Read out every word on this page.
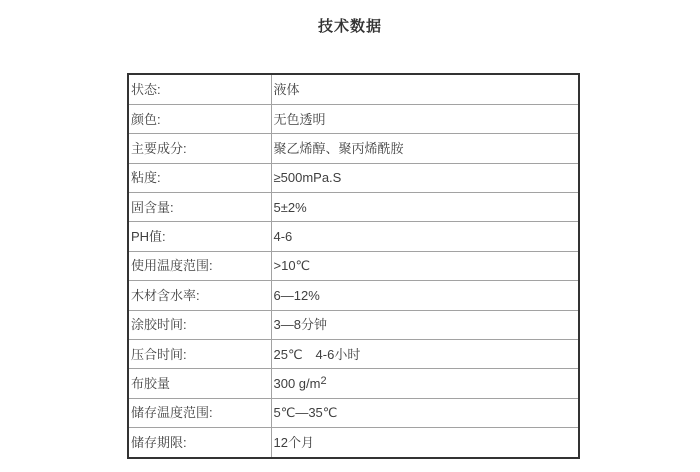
技术数据
状态:	液体
颜色:	无色透明
主要成分:	聚乙烯醇、聚丙烯酰胺
粘度:	≥500mPa.S
固含量:	5±2%
PH值:	4-6
使用温度范围:	>10℃
木材含水率:	6—12%
涂胶时间:	3—8分钟
压合时间:	25℃　4-6小时
布胶量	300 $g/m^2$
储存温度范围:	5℃—35℃
储存期限:	12个月
